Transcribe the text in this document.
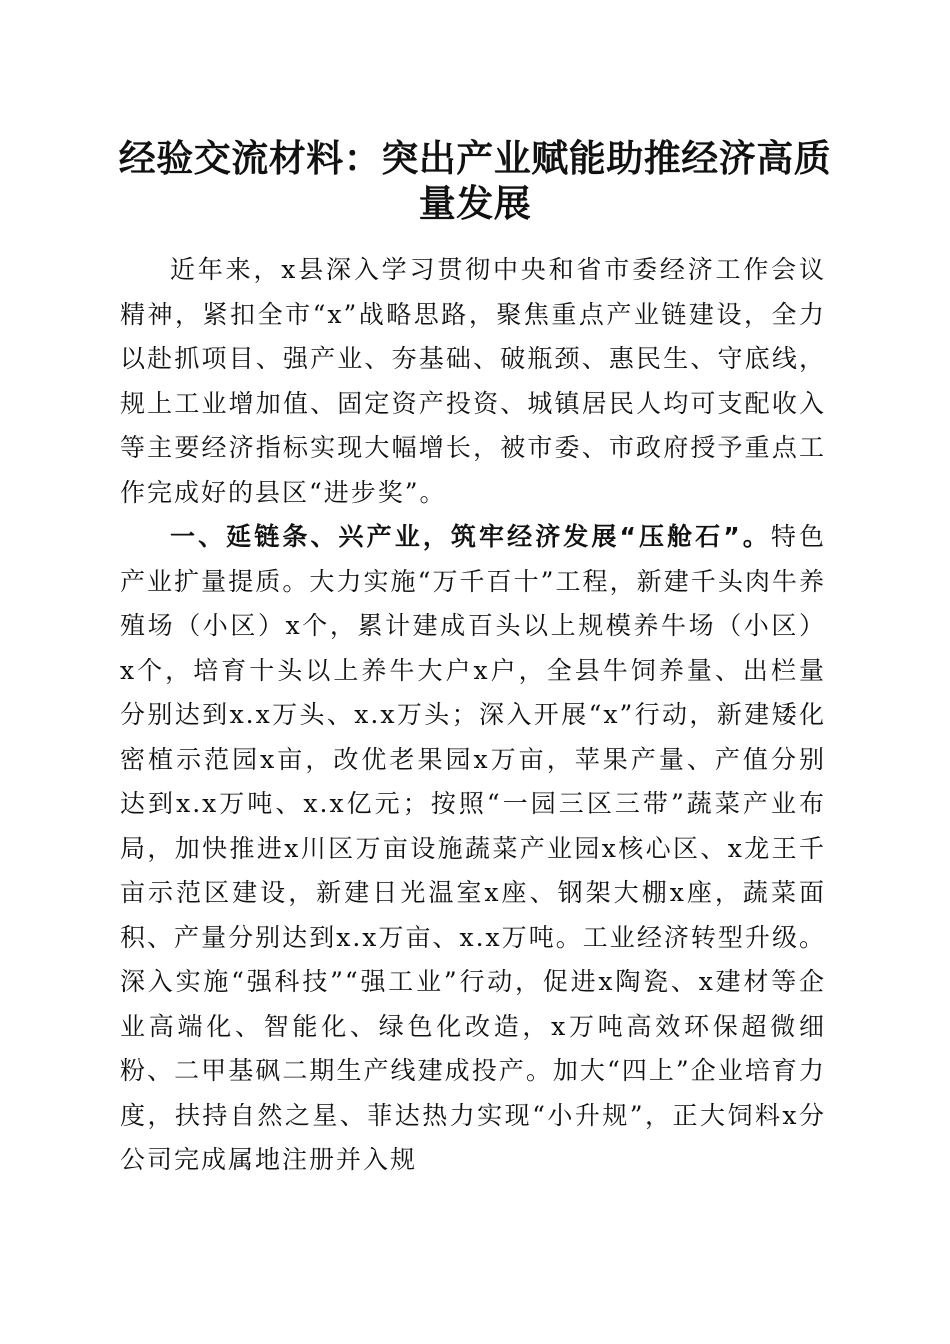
经验交流材料：突出产业赋能助推经济高质量发展

近年来，x县深入学习贯彻中央和省市委经济工作会议精神，紧扣全市“x”战略思路，聚焦重点产业链建设，全力以赴抓项目、强产业、夯基础、破瓶颈、惠民生、守底线，规上工业增加值、固定资产投资、城镇居民人均可支配收入等主要经济指标实现大幅增长，被市委、市政府授予重点工作完成好的县区“进步奖”。

一、延链条、兴产业，筑牢经济发展“压舱石”。特色产业扩量提质。大力实施“万千百十”工程，新建千头肉牛养殖场（小区）x个，累计建成百头以上规模养牛场（小区）x个，培育十头以上养牛大户x户，全县牛饲养量、出栏量分别达到x.x万头、x.x万头；深入开展“x”行动，新建矮化密植示范园x亩，改优老果园x万亩，苹果产量、产值分别达到x.x万吨、x.x亿元；按照“一园三区三带”蔬菜产业布局，加快推进x川区万亩设施蔬菜产业园x核心区、x龙王千亩示范区建设，新建日光温室x座、钢架大棚x座，蔬菜面积、产量分别达到x.x万亩、x.x万吨。工业经济转型升级。深入实施“强科技”“强工业”行动，促进x陶瓷、x建材等企业高端化、智能化、绿色化改造，x万吨高效环保超微细粉、二甲基砜二期生产线建成投产。加大“四上”企业培育力度，扶持自然之星、菲达热力实现“小升规”，正大饲料x分公司完成属地注册并入规
